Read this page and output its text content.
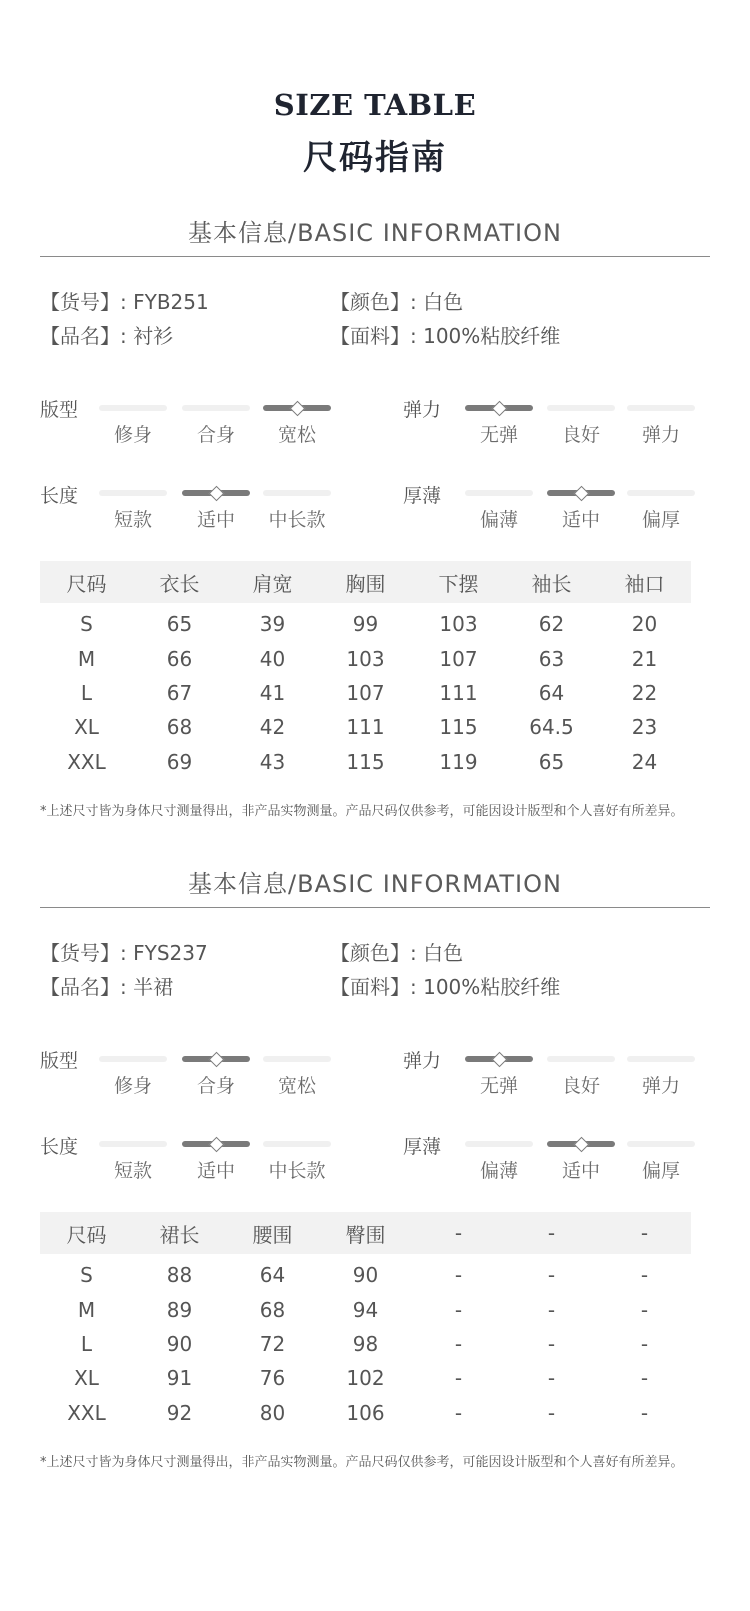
SIZE TABLE
尺码指南
基本信息/BASIC INFORMATION
【货号】: FYB251	【颜色】: 白色
【品名】: 衬衫	【面料】: 100%粘胶纤维
版型
修身	合身	宽松
弹力
无弹	良好	弹力
长度
短款	适中	中长款
厚薄
偏薄	适中	偏厚
尺码	衣长	肩宽	胸围	下摆	袖长	袖口
S	65	39	99	103	62	20
M	66	40	103	107	63	21
L	67	41	107	111	64	22
XL	68	42	111	115	64.5	23
XXL	69	43	115	119	65	24
*上述尺寸皆为身体尺寸测量得出，非产品实物测量。产品尺码仅供参考，可能因设计版型和个人喜好有所差异。
基本信息/BASIC INFORMATION
【货号】: FYS237	【颜色】: 白色
【品名】: 半裙	【面料】: 100%粘胶纤维
版型
修身	合身	宽松
弹力
无弹	良好	弹力
长度
短款	适中	中长款
厚薄
偏薄	适中	偏厚
尺码	裙长	腰围	臀围	-	-	-
S	88	64	90	-	-	-
M	89	68	94	-	-	-
L	90	72	98	-	-	-
XL	91	76	102	-	-	-
XXL	92	80	106	-	-	-
*上述尺寸皆为身体尺寸测量得出，非产品实物测量。产品尺码仅供参考，可能因设计版型和个人喜好有所差异。
